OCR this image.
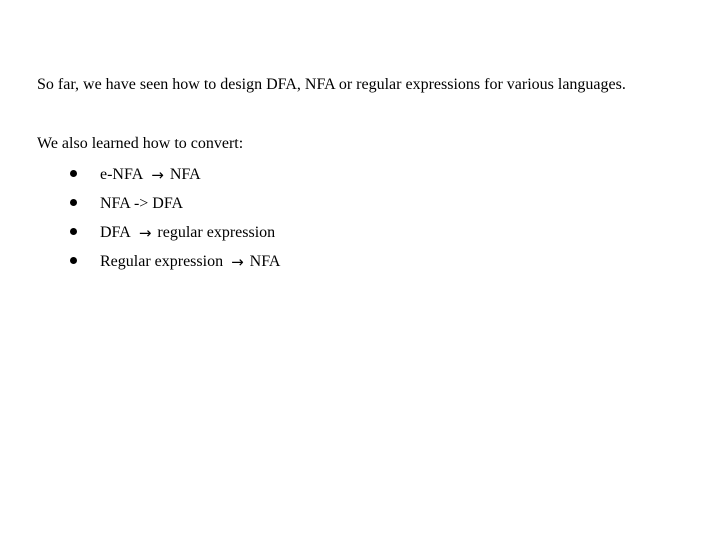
So far, we have seen how to design DFA, NFA or regular expressions for various languages.
We also learned how to convert:
e-NFA → NFA
NFA -> DFA
DFA → regular expression
Regular expression → NFA
